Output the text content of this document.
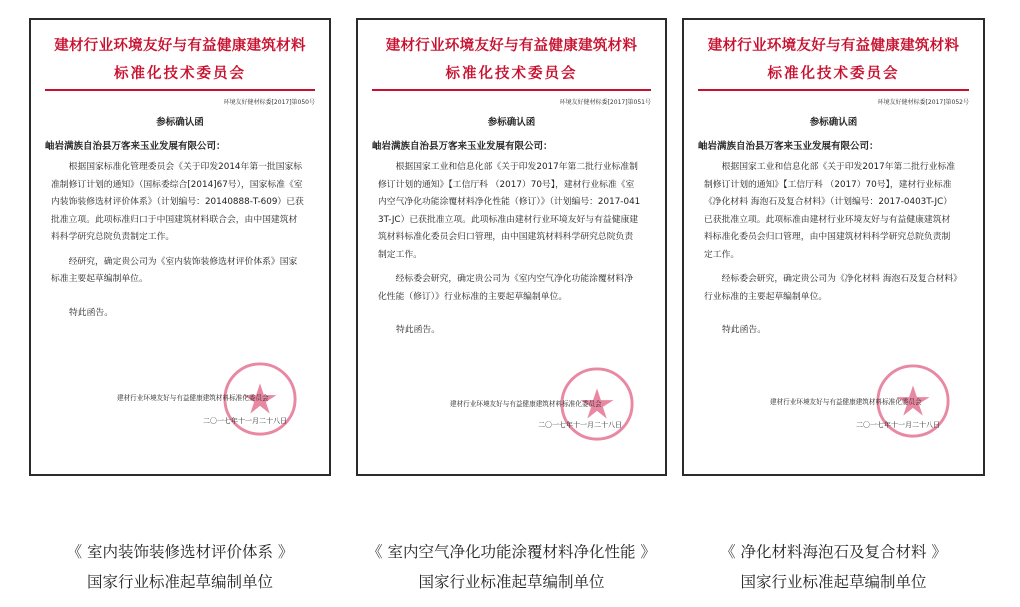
建材行业环境友好与有益健康建筑材料
标准化技术委员会
环境友好健材标委[2017]第050号
参标确认函
岫岩满族自治县万客来玉业发展有限公司：
根据国家标准化管理委员会《关于印发2014年第一批国家标准制修订计划的通知》（国标委综合[2014]67号），国家标准《室内装饰装修选材评价体系》（计划编号：20140888-T-609）已获批准立项。此项标准归口于中国建筑材料联合会，由中国建筑材料科学研究总院负责制定工作。
经研究，确定贵公司为《室内装饰装修选材评价体系》国家标准主要起草编制单位。
特此函告。
建材行业环境友好与有益健康建筑材料标准化委员会
二〇一七年十一月二十八日
建材行业环境友好与有益健康建筑材料
标准化技术委员会
环境友好健材标委[2017]第051号
参标确认函
岫岩满族自治县万客来玉业发展有限公司：
根据国家工业和信息化部《关于印发2017年第二批行业标准制修订计划的通知》【工信厅科 （2017）70号】，建材行业标准《室内空气净化功能涂覆材料净化性能（修订）》（计划编号：2017-0413T-JC）已获批准立项。此项标准由建材行业环境友好与有益健康建筑材料标准化委员会归口管理，由中国建筑材料科学研究总院负责制定工作。
经标委会研究，确定贵公司为《室内空气净化功能涂覆材料净化性能（修订）》行业标准的主要起草编制单位。
特此函告。
建材行业环境友好与有益健康建筑材料标准化委员会
二〇一七年十一月二十八日
建材行业环境友好与有益健康建筑材料
标准化技术委员会
环境友好健材标委[2017]第052号
参标确认函
岫岩满族自治县万客来玉业发展有限公司：
根据国家工业和信息化部《关于印发2017年第二批行业标准制修订计划的通知》【工信厅科 （2017）70号】，建材行业标准《净化材料 海泡石及复合材料》（计划编号：2017-0403T-JC）已获批准立项。此项标准由建材行业环境友好与有益健康建筑材料标准化委员会归口管理，由中国建筑材料科学研究总院负责制定工作。
经标委会研究，确定贵公司为《净化材料 海泡石及复合材料》行业标准的主要起草编制单位。
特此函告。
建材行业环境友好与有益健康建筑材料标准化委员会
二〇一七年十一月二十八日
《 室内装饰装修选材评价体系 》
国家行业标准起草编制单位
《 室内空气净化功能涂覆材料净化性能 》
国家行业标准起草编制单位
《 净化材料海泡石及复合材料 》
国家行业标准起草编制单位
